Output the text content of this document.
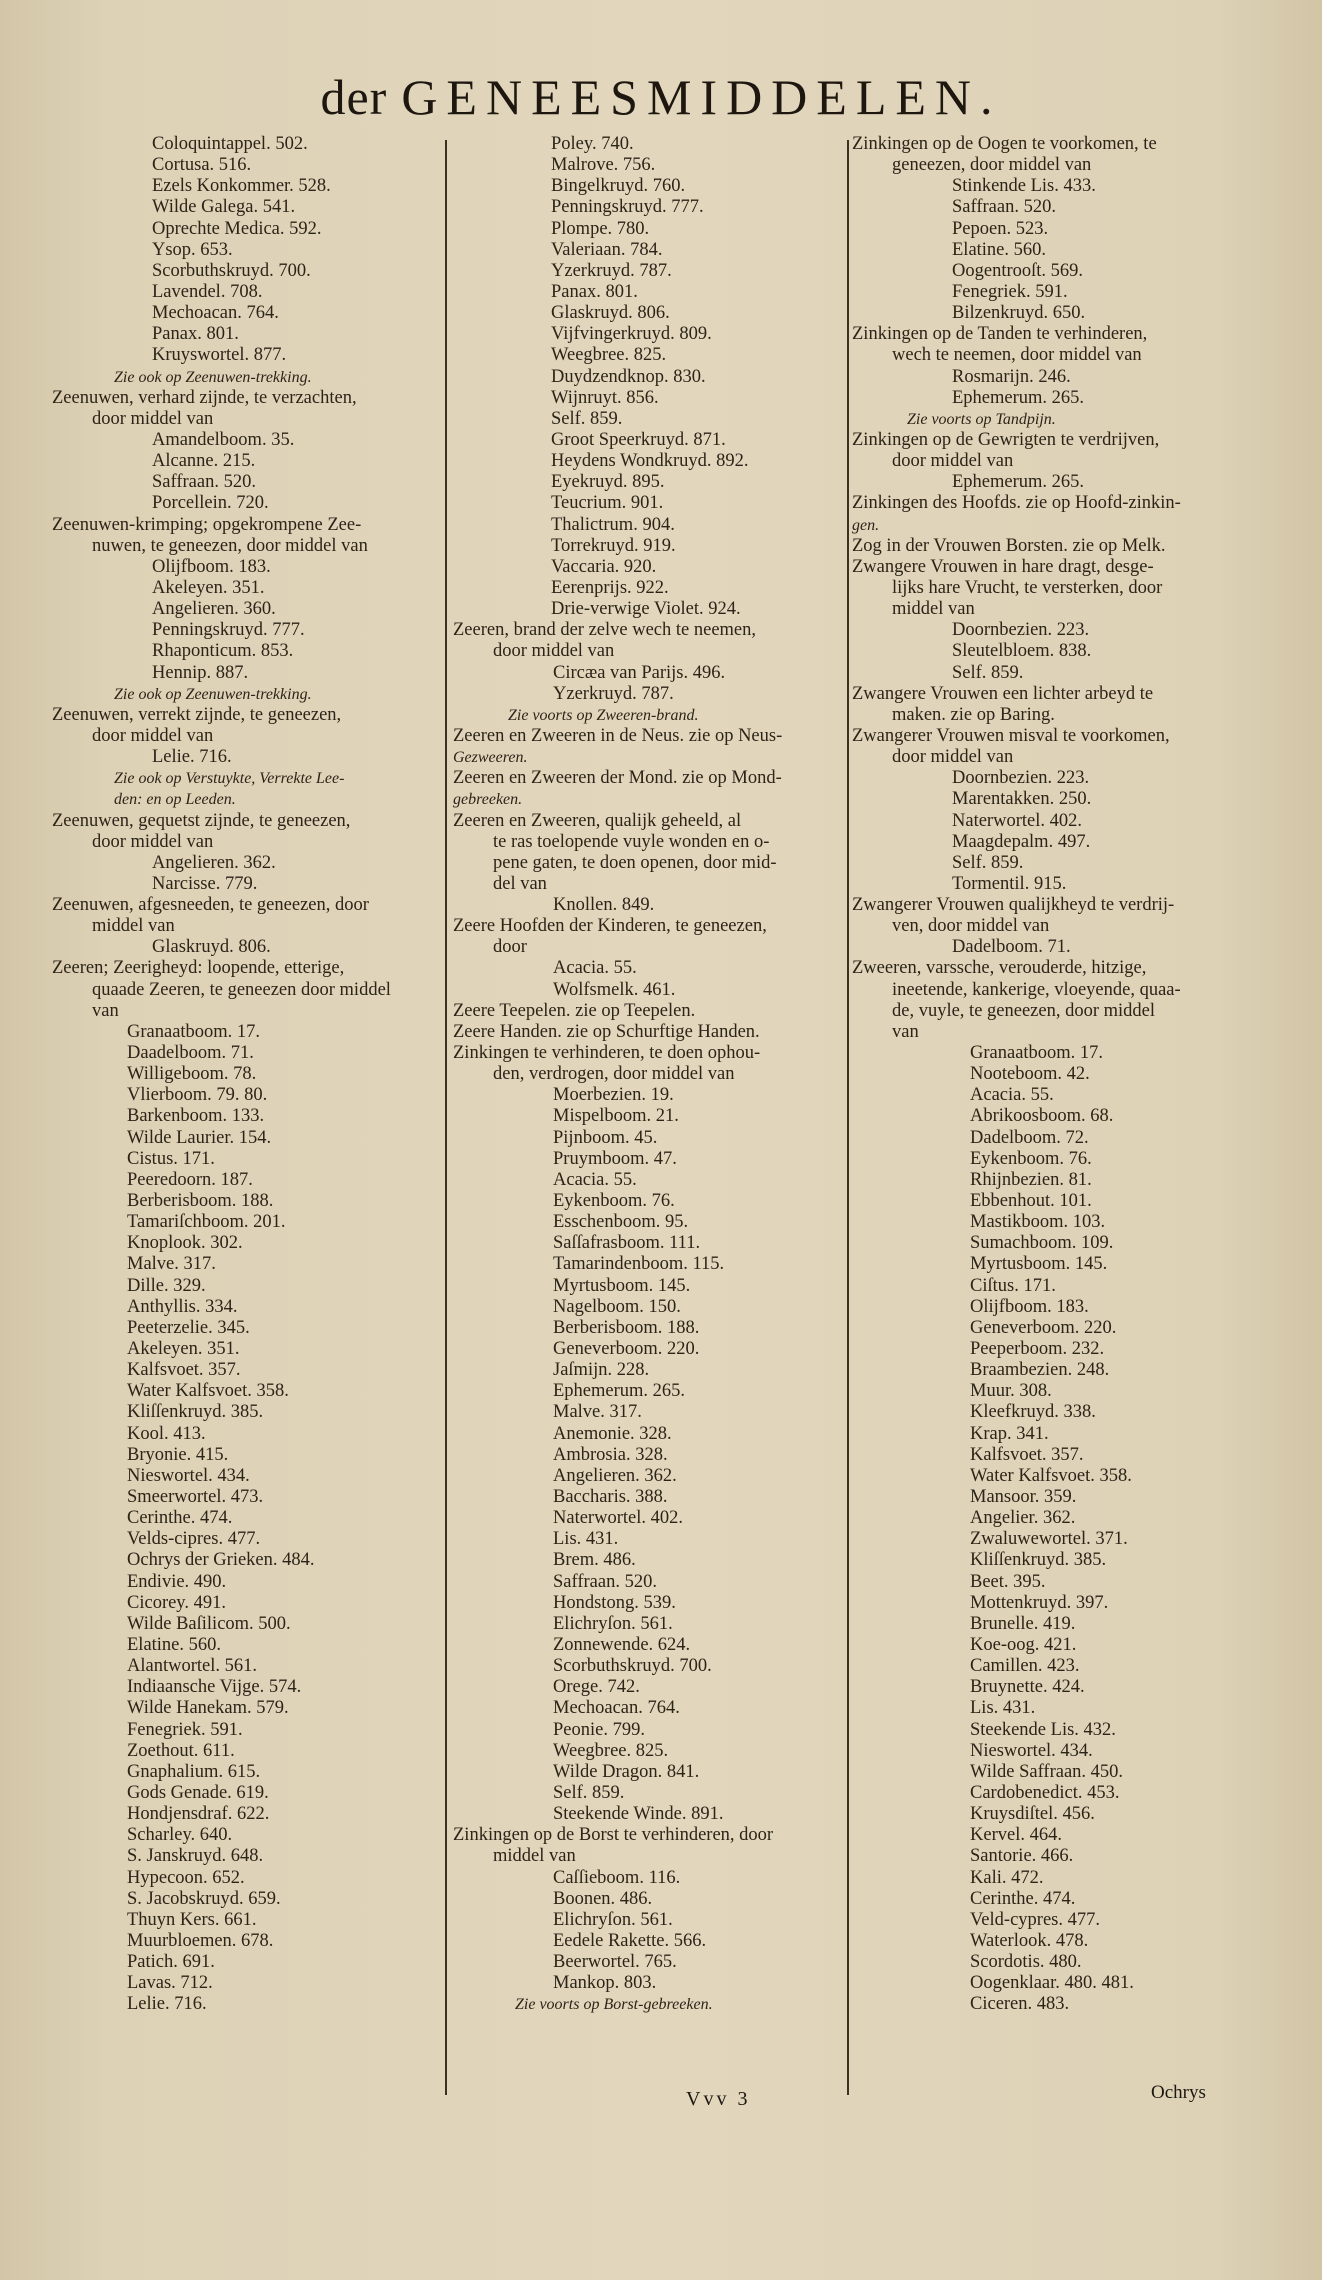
der GENEESMIDDELEN.
Coloquintappel. 502.
Cortusa. 516.
Ezels Konkommer. 528.
Wilde Galega. 541.
Oprechte Medica. 592.
Ysop. 653.
Scorbuthskruyd. 700.
Lavendel. 708.
Mechoacan. 764.
Panax. 801.
Kruyswortel. 877.
Zie ook op Zeenuwen-trekking.
Zeenuwen, verhard zijnde, te verzachten,
door middel van
Amandelboom. 35.
Alcanne. 215.
Saffraan. 520.
Porcellein. 720.
Zeenuwen-krimping; opgekrompene Zee-
nuwen, te geneezen, door middel van
Olijfboom. 183.
Akeleyen. 351.
Angelieren. 360.
Penningskruyd. 777.
Rhaponticum. 853.
Hennip. 887.
Zie ook op Zeenuwen-trekking.
Zeenuwen, verrekt zijnde, te geneezen,
door middel van
Lelie. 716.
Zie ook op Verstuykte, Verrekte Lee-
den: en op Leeden.
Zeenuwen, gequetst zijnde, te geneezen,
door middel van
Angelieren. 362.
Narcisse. 779.
Zeenuwen, afgesneeden, te geneezen, door
middel van
Glaskruyd. 806.
Zeeren; Zeerigheyd: loopende, etterige,
quaade Zeeren, te geneezen door middel
van
Granaatboom. 17.
Daadelboom. 71.
Willigeboom. 78.
Vlierboom. 79. 80.
Barkenboom. 133.
Wilde Laurier. 154.
Cistus. 171.
Peeredoorn. 187.
Berberisboom. 188.
Tamariſchboom. 201.
Knoplook. 302.
Malve. 317.
Dille. 329.
Anthyllis. 334.
Peeterzelie. 345.
Akeleyen. 351.
Kalfsvoet. 357.
Water Kalfsvoet. 358.
Kliſſenkruyd. 385.
Kool. 413.
Bryonie. 415.
Nieswortel. 434.
Smeerwortel. 473.
Cerinthe. 474.
Velds-cipres. 477.
Ochrys der Grieken. 484.
Endivie. 490.
Cicorey. 491.
Wilde Baſilicom. 500.
Elatine. 560.
Alantwortel. 561.
Indiaansche Vijge. 574.
Wilde Hanekam. 579.
Fenegriek. 591.
Zoethout. 611.
Gnaphalium. 615.
Gods Genade. 619.
Hondjensdraf. 622.
Scharley. 640.
S. Janskruyd. 648.
Hypecoon. 652.
S. Jacobskruyd. 659.
Thuyn Kers. 661.
Muurbloemen. 678.
Patich. 691.
Lavas. 712.
Lelie. 716.
Poley. 740.
Malrove. 756.
Bingelkruyd. 760.
Penningskruyd. 777.
Plompe. 780.
Valeriaan. 784.
Yzerkruyd. 787.
Panax. 801.
Glaskruyd. 806.
Vijfvingerkruyd. 809.
Weegbree. 825.
Duydzendknop. 830.
Wijnruyt. 856.
Self. 859.
Groot Speerkruyd. 871.
Heydens Wondkruyd. 892.
Eyekruyd. 895.
Teucrium. 901.
Thalictrum. 904.
Torrekruyd. 919.
Vaccaria. 920.
Eerenprijs. 922.
Drie-verwige Violet. 924.
Zeeren, brand der zelve wech te neemen,
door middel van
Circæa van Parijs. 496.
Yzerkruyd. 787.
Zie voorts op Zweeren-brand.
Zeeren en Zweeren in de Neus. zie op Neus-
Gezweeren.
Zeeren en Zweeren der Mond. zie op Mond-
gebreeken.
Zeeren en Zweeren, qualijk geheeld, al
te ras toelopende vuyle wonden en o-
pene gaten, te doen openen, door mid-
del van
Knollen. 849.
Zeere Hoofden der Kinderen, te geneezen,
door
Acacia. 55.
Wolfsmelk. 461.
Zeere Teepelen. zie op Teepelen.
Zeere Handen. zie op Schurftige Handen.
Zinkingen te verhinderen, te doen ophou-
den, verdrogen, door middel van
Moerbezien. 19.
Mispelboom. 21.
Pijnboom. 45.
Pruymboom. 47.
Acacia. 55.
Eykenboom. 76.
Esschenboom. 95.
Saſſafrasboom. 111.
Tamarindenboom. 115.
Myrtusboom. 145.
Nagelboom. 150.
Berberisboom. 188.
Geneverboom. 220.
Jaſmijn. 228.
Ephemerum. 265.
Malve. 317.
Anemonie. 328.
Ambrosia. 328.
Angelieren. 362.
Baccharis. 388.
Naterwortel. 402.
Lis. 431.
Brem. 486.
Saffraan. 520.
Hondstong. 539.
Elichryſon. 561.
Zonnewende. 624.
Scorbuthskruyd. 700.
Orege. 742.
Mechoacan. 764.
Peonie. 799.
Weegbree. 825.
Wilde Dragon. 841.
Self. 859.
Steekende Winde. 891.
Zinkingen op de Borst te verhinderen, door
middel van
Caſſieboom. 116.
Boonen. 486.
Elichryſon. 561.
Eedele Rakette. 566.
Beerwortel. 765.
Mankop. 803.
Zie voorts op Borst-gebreeken.
Zinkingen op de Oogen te voorkomen, te
geneezen, door middel van
Stinkende Lis. 433.
Saffraan. 520.
Pepoen. 523.
Elatine. 560.
Oogentrooſt. 569.
Fenegriek. 591.
Bilzenkruyd. 650.
Zinkingen op de Tanden te verhinderen,
wech te neemen, door middel van
Rosmarijn. 246.
Ephemerum. 265.
Zie voorts op Tandpijn.
Zinkingen op de Gewrigten te verdrijven,
door middel van
Ephemerum. 265.
Zinkingen des Hoofds. zie op Hoofd-zinkin-
gen.
Zog in der Vrouwen Borsten. zie op Melk.
Zwangere Vrouwen in hare dragt, desge-
lijks hare Vrucht, te versterken, door
middel van
Doornbezien. 223.
Sleutelbloem. 838.
Self. 859.
Zwangere Vrouwen een lichter arbeyd te
maken. zie op Baring.
Zwangerer Vrouwen misval te voorkomen,
door middel van
Doornbezien. 223.
Marentakken. 250.
Naterwortel. 402.
Maagdepalm. 497.
Self. 859.
Tormentil. 915.
Zwangerer Vrouwen qualijkheyd te verdrij-
ven, door middel van
Dadelboom. 71.
Zweeren, varssche, verouderde, hitzige,
ineetende, kankerige, vloeyende, quaa-
de, vuyle, te geneezen, door middel
van
Granaatboom. 17.
Nooteboom. 42.
Acacia. 55.
Abrikoosboom. 68.
Dadelboom. 72.
Eykenboom. 76.
Rhijnbezien. 81.
Ebbenhout. 101.
Mastikboom. 103.
Sumachboom. 109.
Myrtusboom. 145.
Ciſtus. 171.
Olijfboom. 183.
Geneverboom. 220.
Peeperboom. 232.
Braambezien. 248.
Muur. 308.
Kleefkruyd. 338.
Krap. 341.
Kalfsvoet. 357.
Water Kalfsvoet. 358.
Mansoor. 359.
Angelier. 362.
Zwaluwewortel. 371.
Kliſſenkruyd. 385.
Beet. 395.
Mottenkruyd. 397.
Brunelle. 419.
Koe-oog. 421.
Camillen. 423.
Bruynette. 424.
Lis. 431.
Steekende Lis. 432.
Nieswortel. 434.
Wilde Saffraan. 450.
Cardobenedict. 453.
Kruysdiſtel. 456.
Kervel. 464.
Santorie. 466.
Kali. 472.
Cerinthe. 474.
Veld-cypres. 477.
Waterlook. 478.
Scordotis. 480.
Oogenklaar. 480. 481.
Ciceren. 483.
Vvv 3	Ochrys
